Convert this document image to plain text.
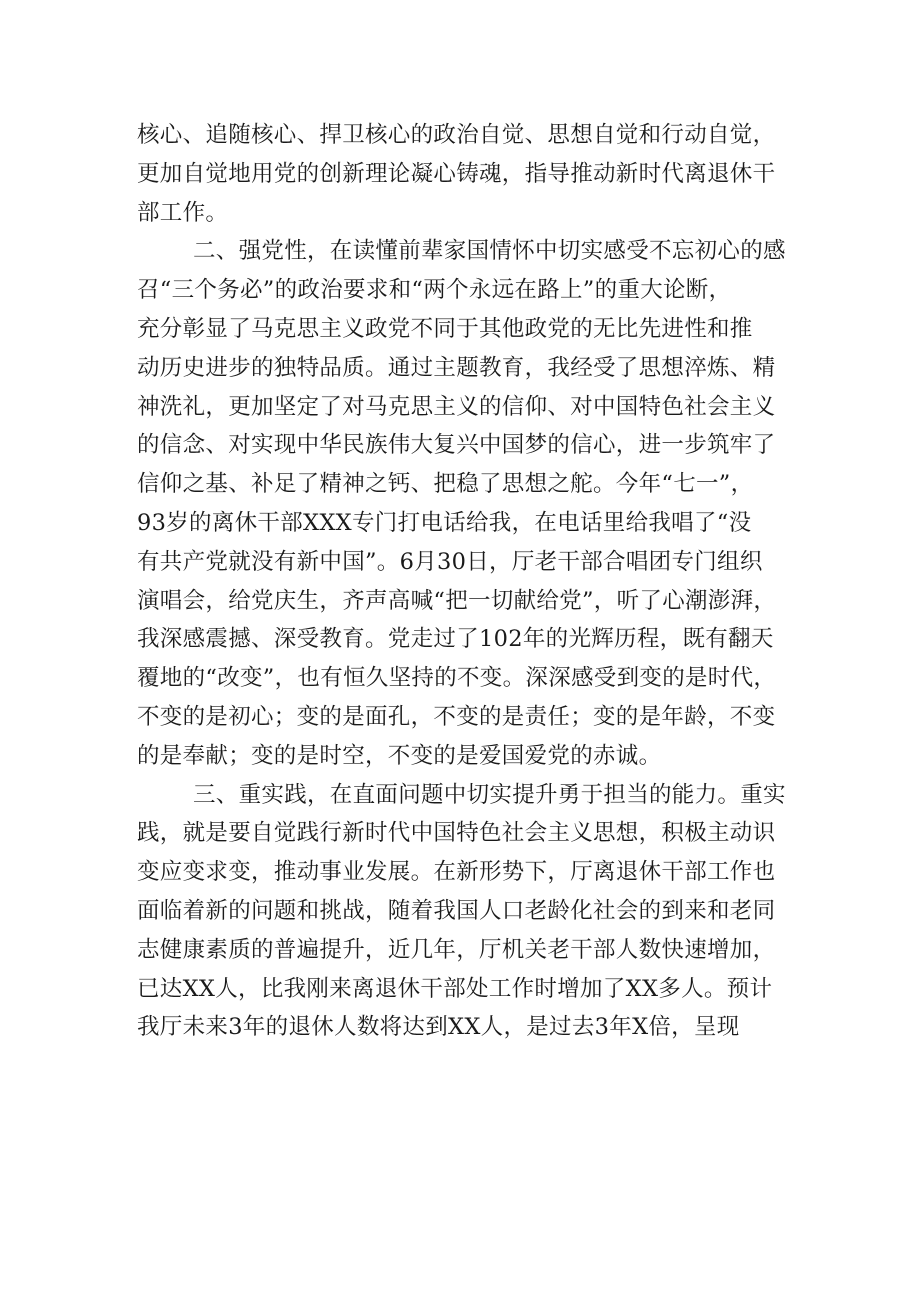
核心、追随核心、捍卫核心的政治自觉、思想自觉和行动自觉，
更加自觉地用党的创新理论凝心铸魂，指导推动新时代离退休干
部工作。
二、强党性，在读懂前辈家国情怀中切实感受不忘初心的感
召“三个务必”的政治要求和“两个永远在路上”的重大论断，
充分彰显了马克思主义政党不同于其他政党的无比先进性和推
动历史进步的独特品质。通过主题教育，我经受了思想淬炼、精
神洗礼，更加坚定了对马克思主义的信仰、对中国特色社会主义
的信念、对实现中华民族伟大复兴中国梦的信心，进一步筑牢了
信仰之基、补足了精神之钙、把稳了思想之舵。今年“七一”，
93岁的离休干部XXX专门打电话给我，在电话里给我唱了“没
有共产党就没有新中国”。6月30日，厅老干部合唱团专门组织
演唱会，给党庆生，齐声高喊“把一切献给党”，听了心潮澎湃，
我深感震撼、深受教育。党走过了102年的光辉历程，既有翻天
覆地的“改变”，也有恒久坚持的不变。深深感受到变的是时代，
不变的是初心；变的是面孔，不变的是责任；变的是年龄，不变
的是奉献；变的是时空，不变的是爱国爱党的赤诚。
三、重实践，在直面问题中切实提升勇于担当的能力。重实
践，就是要自觉践行新时代中国特色社会主义思想，积极主动识
变应变求变，推动事业发展。在新形势下，厅离退休干部工作也
面临着新的问题和挑战，随着我国人口老龄化社会的到来和老同
志健康素质的普遍提升，近几年，厅机关老干部人数快速增加，
已达XX人，比我刚来离退休干部处工作时增加了XX多人。预计
我厅未来3年的退休人数将达到XX人，是过去3年X倍，呈现
